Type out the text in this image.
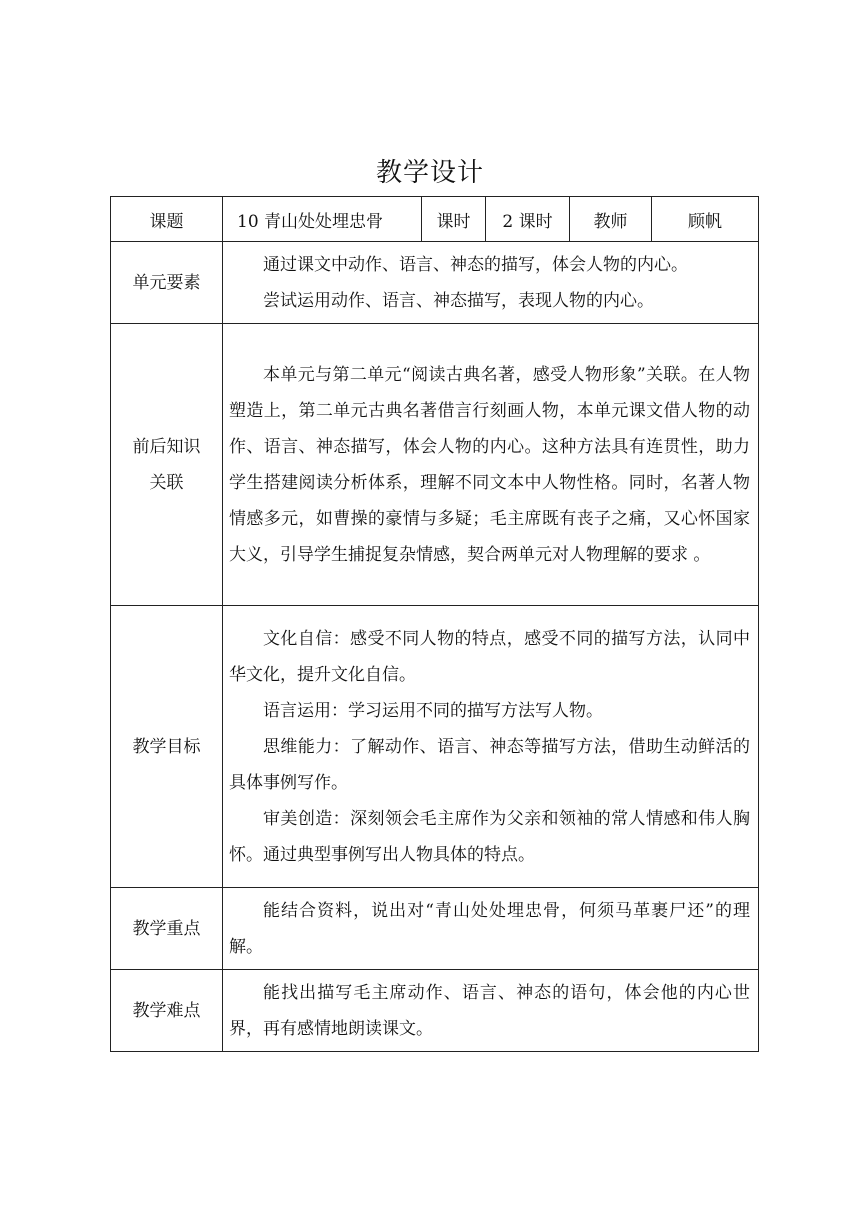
教学设计
课题	10 青山处处埋忠骨	课时	2 课时	教师	顾帆

单元要素	通过课文中动作、语言、神态的描写，体会人物的内心。

尝试运用动作、语言、神态描写，表现人物的内心。				

前后知识
关联	本单元与第二单元“阅读古典名著，感受人物形象”关联。在人物塑造上，第二单元古典名著借言行刻画人物，本单元课文借人物的动作、语言、神态描写，体会人物的内心。这种方法具有连贯性，助力学生搭建阅读分析体系，理解不同文本中人物性格。同时，名著人物情感多元，如曹操的豪情与多疑；毛主席既有丧子之痛，又心怀国家大义，引导学生捕捉复杂情感，契合两单元对人物理解的要求 。				

教学目标	文化自信：感受不同人物的特点，感受不同的描写方法，认同中华文化，提升文化自信。

语言运用：学习运用不同的描写方法写人物。

思维能力：了解动作、语言、神态等描写方法，借助生动鲜活的具体事例写作。

审美创造：深刻领会毛主席作为父亲和领袖的常人情感和伟人胸怀。通过典型事例写出人物具体的特点。				

教学重点	能结合资料，说出对“青山处处埋忠骨，何须马革裹尸还”的理解。				

教学难点	能找出描写毛主席动作、语言、神态的语句，体会他的内心世界，再有感情地朗读课文。				
